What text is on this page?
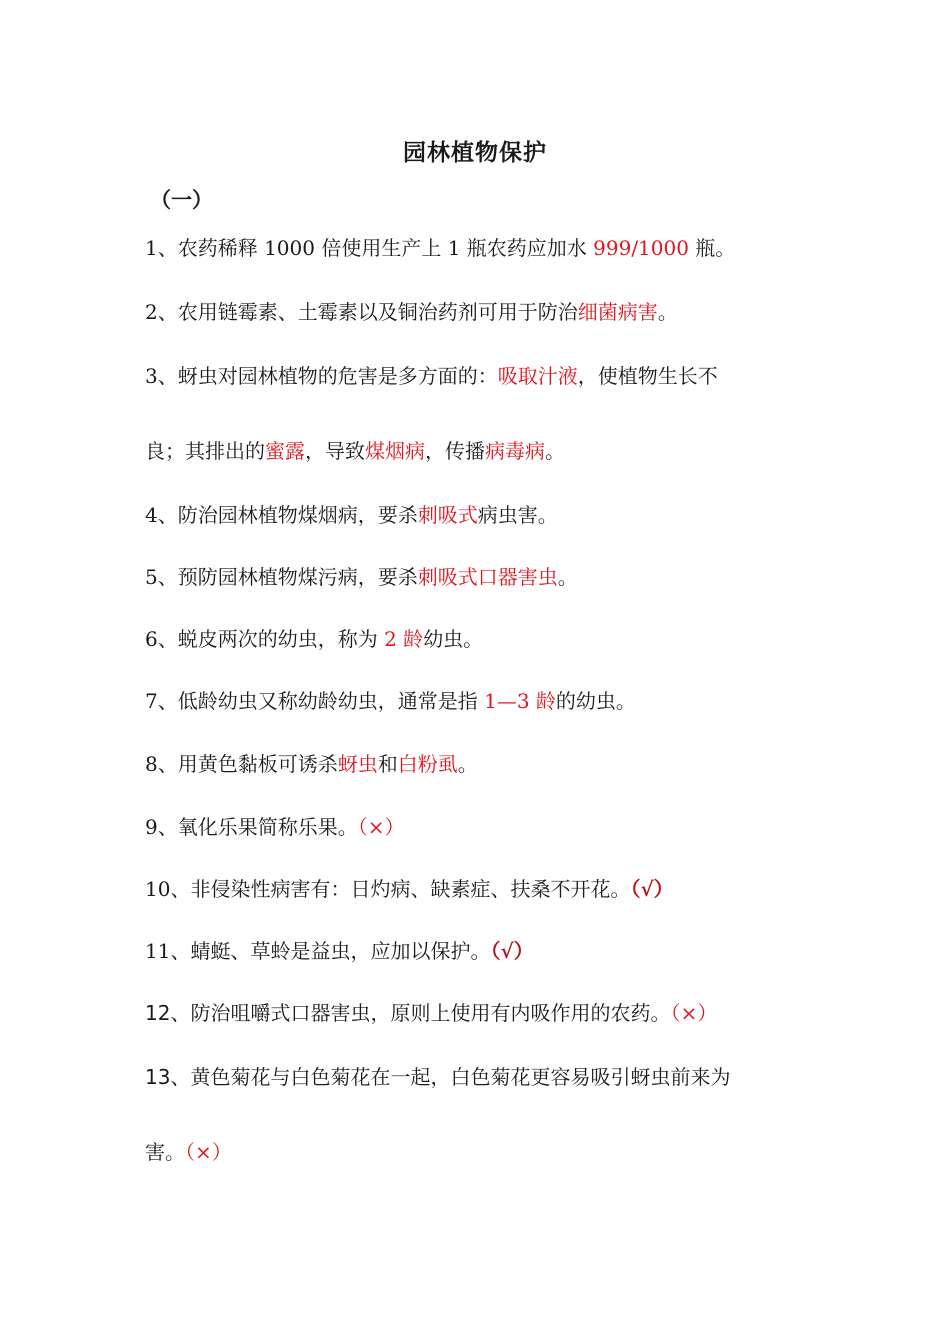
园林植物保护
（一）
1、农药稀释 1000 倍使用生产上 1 瓶农药应加水 999/1000 瓶。
2、农用链霉素、土霉素以及铜治药剂可用于防治细菌病害。
3、蚜虫对园林植物的危害是多方面的：吸取汁液，使植物生长不
良；其排出的蜜露，导致煤烟病，传播病毒病。
4、防治园林植物煤烟病，要杀刺吸式病虫害。
5、预防园林植物煤污病，要杀刺吸式口器害虫。
6、蜕皮两次的幼虫，称为 2 龄幼虫。
7、低龄幼虫又称幼龄幼虫，通常是指 1—3 龄的幼虫。
8、用黄色黏板可诱杀蚜虫和白粉虱。
9、氧化乐果简称乐果。（×）
10、非侵染性病害有：日灼病、缺素症、扶桑不开花。（√）
11、蜻蜓、草蛉是益虫，应加以保护。（√）
12、防治咀嚼式口器害虫，原则上使用有内吸作用的农药。（×）
13、黄色菊花与白色菊花在一起，白色菊花更容易吸引蚜虫前来为
害。（×）
